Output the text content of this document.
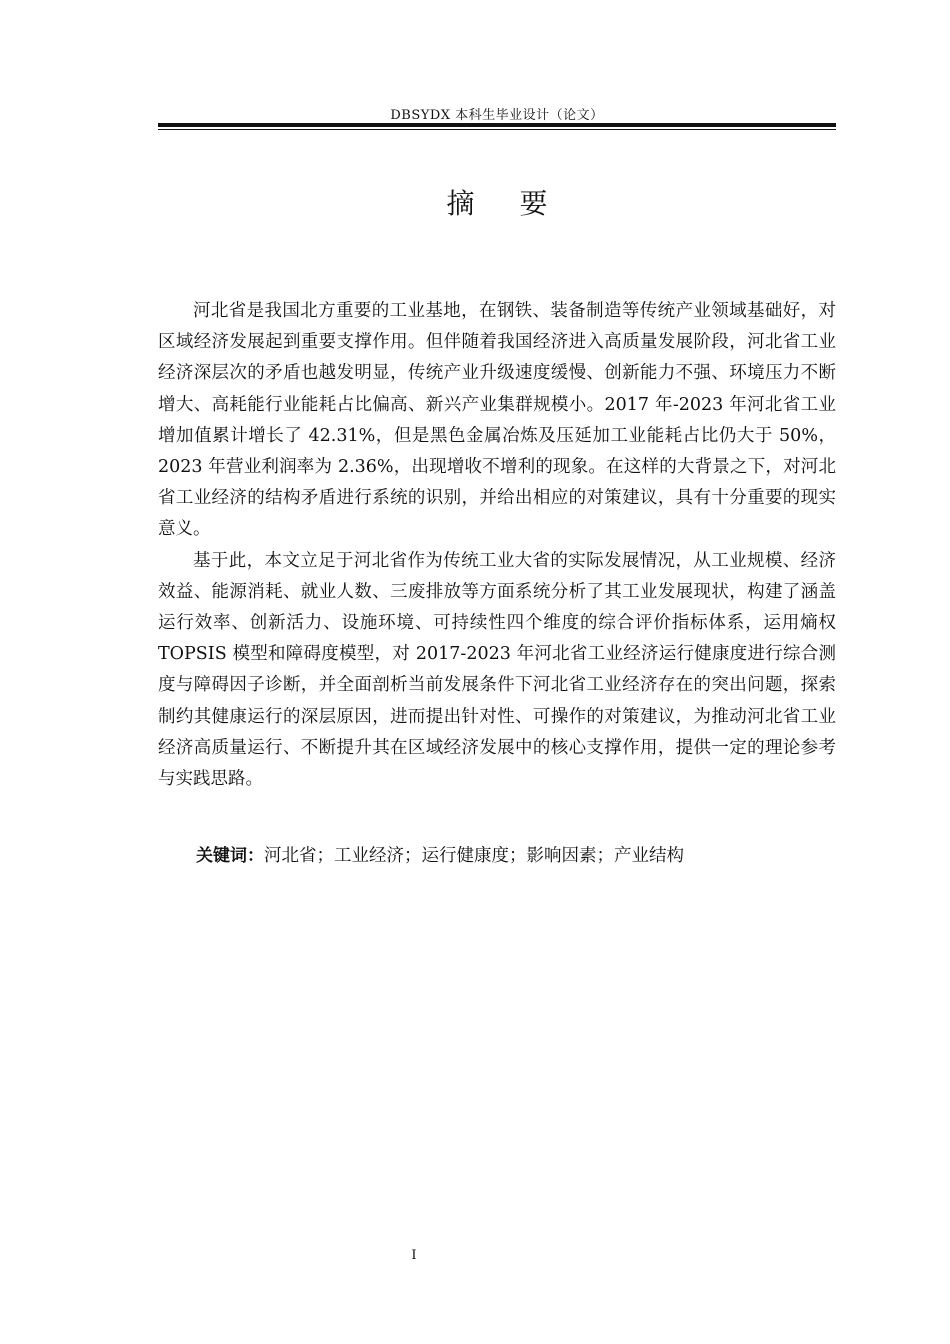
DBSYDX 本科生毕业设计（论文）
摘 要

河北省是我国北方重要的工业基地，在钢铁、装备制造等传统产业领域基础好，对区域经济发展起到重要支撑作用。但伴随着我国经济进入高质量发展阶段，河北省工业经济深层次的矛盾也越发明显，传统产业升级速度缓慢、创新能力不强、环境压力不断增大、高耗能行业能耗占比偏高、新兴产业集群规模小。2017 年-2023 年河北省工业增加值累计增长了 42.31%，但是黑色金属冶炼及压延加工业能耗占比仍大于 50%，2023 年营业利润率为 2.36%，出现增收不增利的现象。在这样的大背景之下，对河北省工业经济的结构矛盾进行系统的识别，并给出相应的对策建议，具有十分重要的现实意义。

基于此，本文立足于河北省作为传统工业大省的实际发展情况，从工业规模、经济效益、能源消耗、就业人数、三废排放等方面系统分析了其工业发展现状，构建了涵盖运行效率、创新活力、设施环境、可持续性四个维度的综合评价指标体系，运用熵权 TOPSIS 模型和障碍度模型，对 2017-2023 年河北省工业经济运行健康度进行综合测度与障碍因子诊断，并全面剖析当前发展条件下河北省工业经济存在的突出问题，探索制约其健康运行的深层原因，进而提出针对性、可操作的对策建议，为推动河北省工业经济高质量运行、不断提升其在区域经济发展中的核心支撑作用，提供一定的理论参考与实践思路。

关键词：河北省；工业经济；运行健康度；影响因素；产业结构
I
